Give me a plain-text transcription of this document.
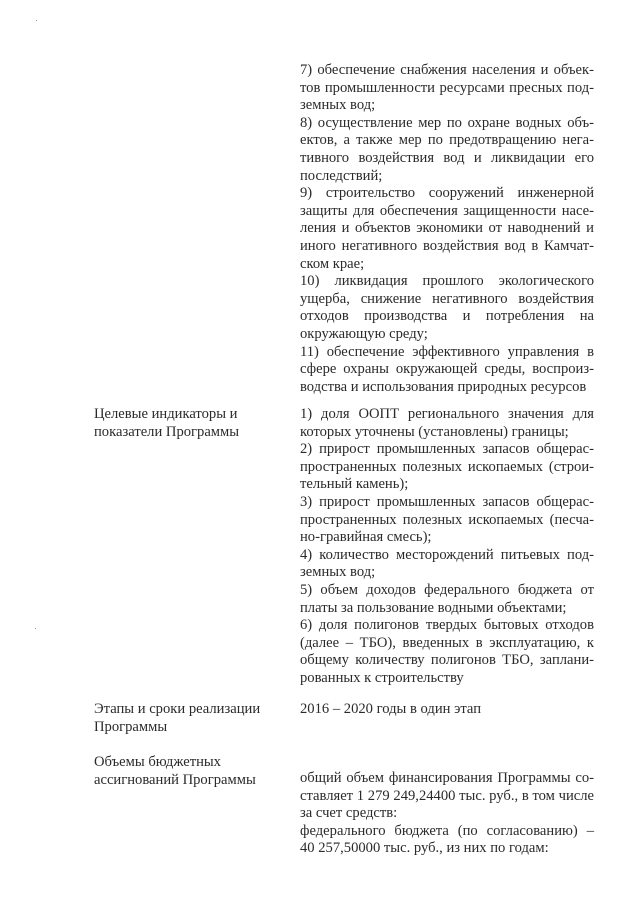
7) обеспечение снабжения населения и объек-
тов промышленности ресурсами пресных под-
земных вод;
8) осуществление мер по охране водных объ-
ектов, а также мер по предотвращению нега-
тивного воздействия вод и ликвидации его
последствий;
9) строительство сооружений инженерной
защиты для обеспечения защищенности насе-
ления и объектов экономики от наводнений и
иного негативного воздействия вод в Камчат-
ском крае;
10) ликвидация прошлого экологического
ущерба, снижение негативного воздействия
отходов производства и потребления на
окружающую среду;
11) обеспечение эффективного управления в
сфере охраны окружающей среды, воспроиз-
водства и использования природных ресурсов
Целевые индикаторы и
показатели Программы
1) доля ООПТ регионального значения для
которых уточнены (установлены) границы;
2) прирост промышленных запасов общерас-
пространенных полезных ископаемых (строи-
тельный камень);
3) прирост промышленных запасов общерас-
пространенных полезных ископаемых (песча-
но-гравийная смесь);
4) количество месторождений питьевых под-
земных вод;
5) объем доходов федерального бюджета от
платы за пользование водными объектами;
6) доля полигонов твердых бытовых отходов
(далее – ТБО), введенных в эксплуатацию, к
общему количеству полигонов ТБО, заплани-
рованных к строительству
Этапы и сроки реализации
Программы
2016 – 2020 годы в один этап
Объемы бюджетных
ассигнований Программы	общий объем финансирования Программы со-
ставляет 1 279 249,24400 тыс. руб., в том числе
за счет средств:
федерального бюджета (по согласованию) –
40 257,50000 тыс. руб., из них по годам:
